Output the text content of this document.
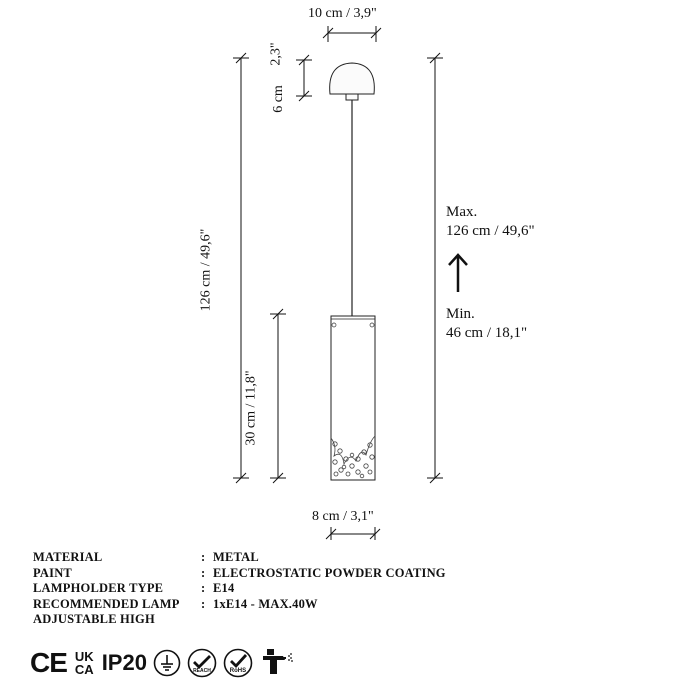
10 cm / 3,9"
2,3"
6 cm
126 cm / 49,6"
30 cm / 11,8"
8 cm / 3,1"
Max.
126 cm / 49,6"
Min.
46 cm / 18,1"
MATERIAL	: METAL
PAINT	: ELECTROSTATIC POWDER COATING
LAMPHOLDER TYPE	: E14
RECOMMENDED LAMP	: 1xE14 - MAX.40W
ADJUSTABLE HIGH
CE UK
CA IP20	REACH	RoHS
